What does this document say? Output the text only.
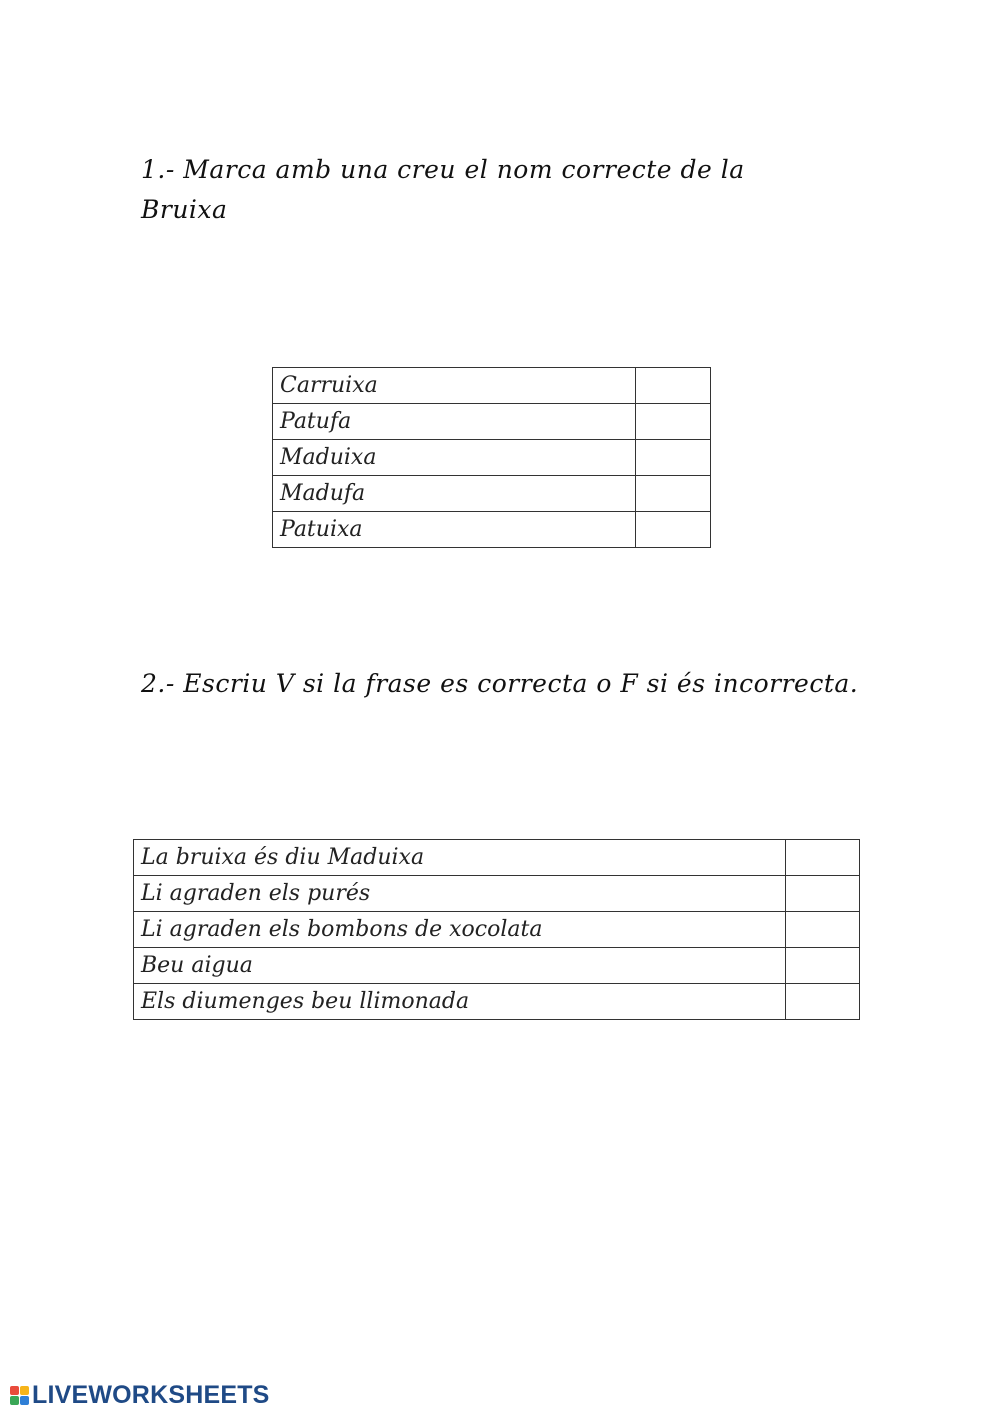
1.- Marca amb una creu el nom correcte de la Bruixa
Carruixa	
Patufa	
Maduixa	
Madufa	
Patuixa	
2.- Escriu V si la frase es correcta o F si és incorrecta.
La bruixa és diu Maduixa	
Li agraden els purés	
Li agraden els bombons de xocolata	
Beu aigua	
Els diumenges beu llimonada	
LIVEWORKSHEETS
